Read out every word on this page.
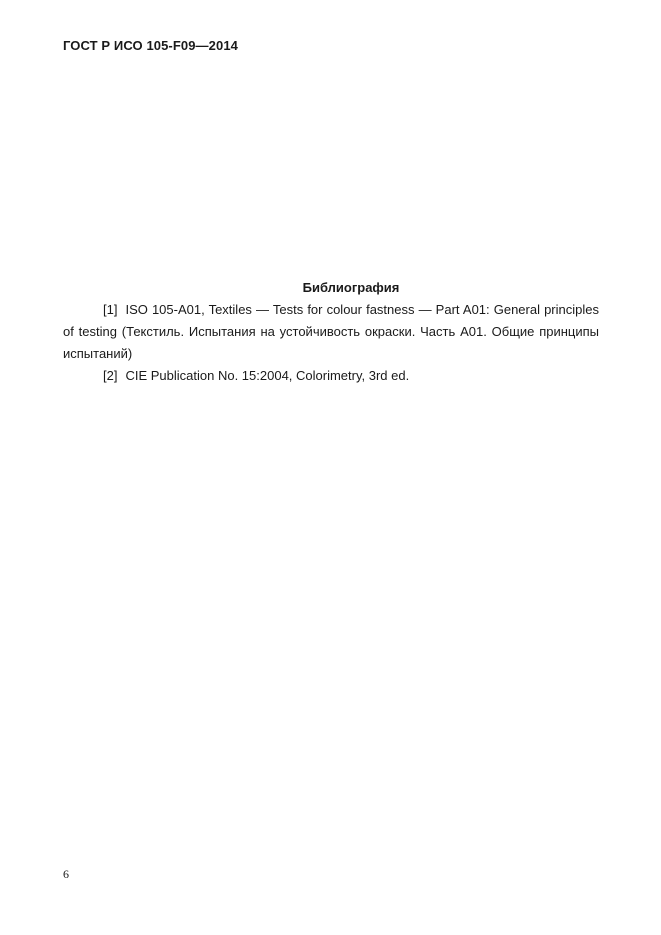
ГОСТ Р ИСО 105-F09—2014
Библиография
[1] ISO 105-A01, Textiles — Tests for colour fastness — Part A01: General principles of testing (Текстиль. Испытания на устойчивость окраски. Часть A01. Общие принципы испытаний)
[2] CIE Publication No. 15:2004, Colorimetry, 3rd ed.
6
